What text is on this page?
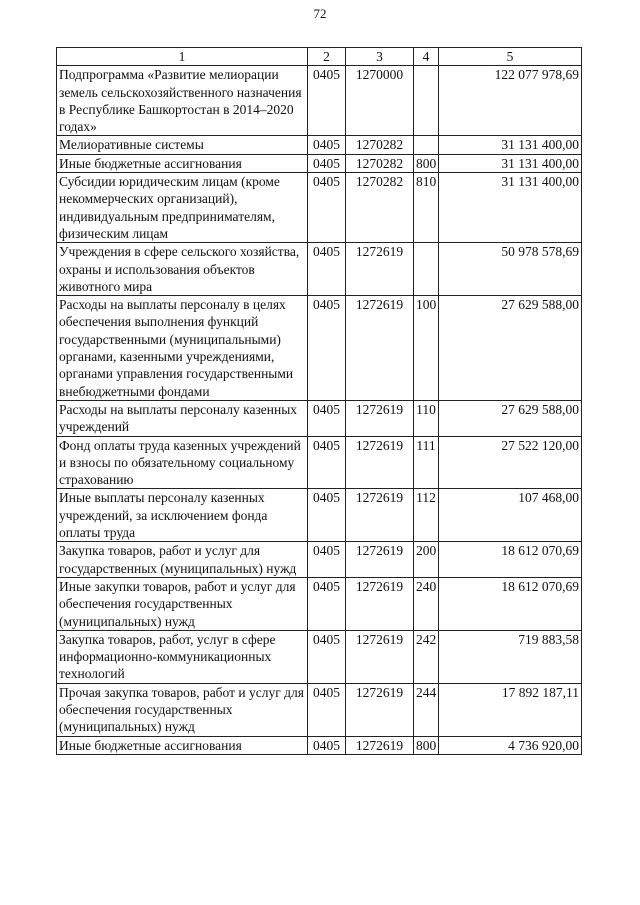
72
1	2	3	4	5
Подпрограмма «Развитие мелиорации земель сельскохозяйственного назначения в Республике Башкортостан в 2014–2020 годах»	0405	1270000		122 077 978,69
Мелиоративные системы	0405	1270282		31 131 400,00
Иные бюджетные ассигнования	0405	1270282	800	31 131 400,00
Субсидии юридическим лицам (кроме некоммерческих организаций), индивидуальным предпринимателям, физическим лицам	0405	1270282	810	31 131 400,00
Учреждения в сфере сельского хозяйства, охраны и использования объектов животного мира	0405	1272619		50 978 578,69
Расходы на выплаты персоналу в целях обеспечения выполнения функций государственными (муниципальными) органами, казенными учреждениями, органами управления государственными внебюджетными фондами	0405	1272619	100	27 629 588,00
Расходы на выплаты персоналу казенных учреждений	0405	1272619	110	27 629 588,00
Фонд оплаты труда казенных учреждений и взносы по обязательному социальному страхованию	0405	1272619	111	27 522 120,00
Иные выплаты персоналу казенных учреждений, за исключением фонда оплаты труда	0405	1272619	112	107 468,00
Закупка товаров, работ и услуг для государственных (муниципальных) нужд	0405	1272619	200	18 612 070,69
Иные закупки товаров, работ и услуг для обеспечения государственных (муниципальных) нужд	0405	1272619	240	18 612 070,69
Закупка товаров, работ, услуг в сфере информационно-коммуникационных технологий	0405	1272619	242	719 883,58
Прочая закупка товаров, работ и услуг для обеспечения государственных (муниципальных) нужд	0405	1272619	244	17 892 187,11
Иные бюджетные ассигнования	0405	1272619	800	4 736 920,00
